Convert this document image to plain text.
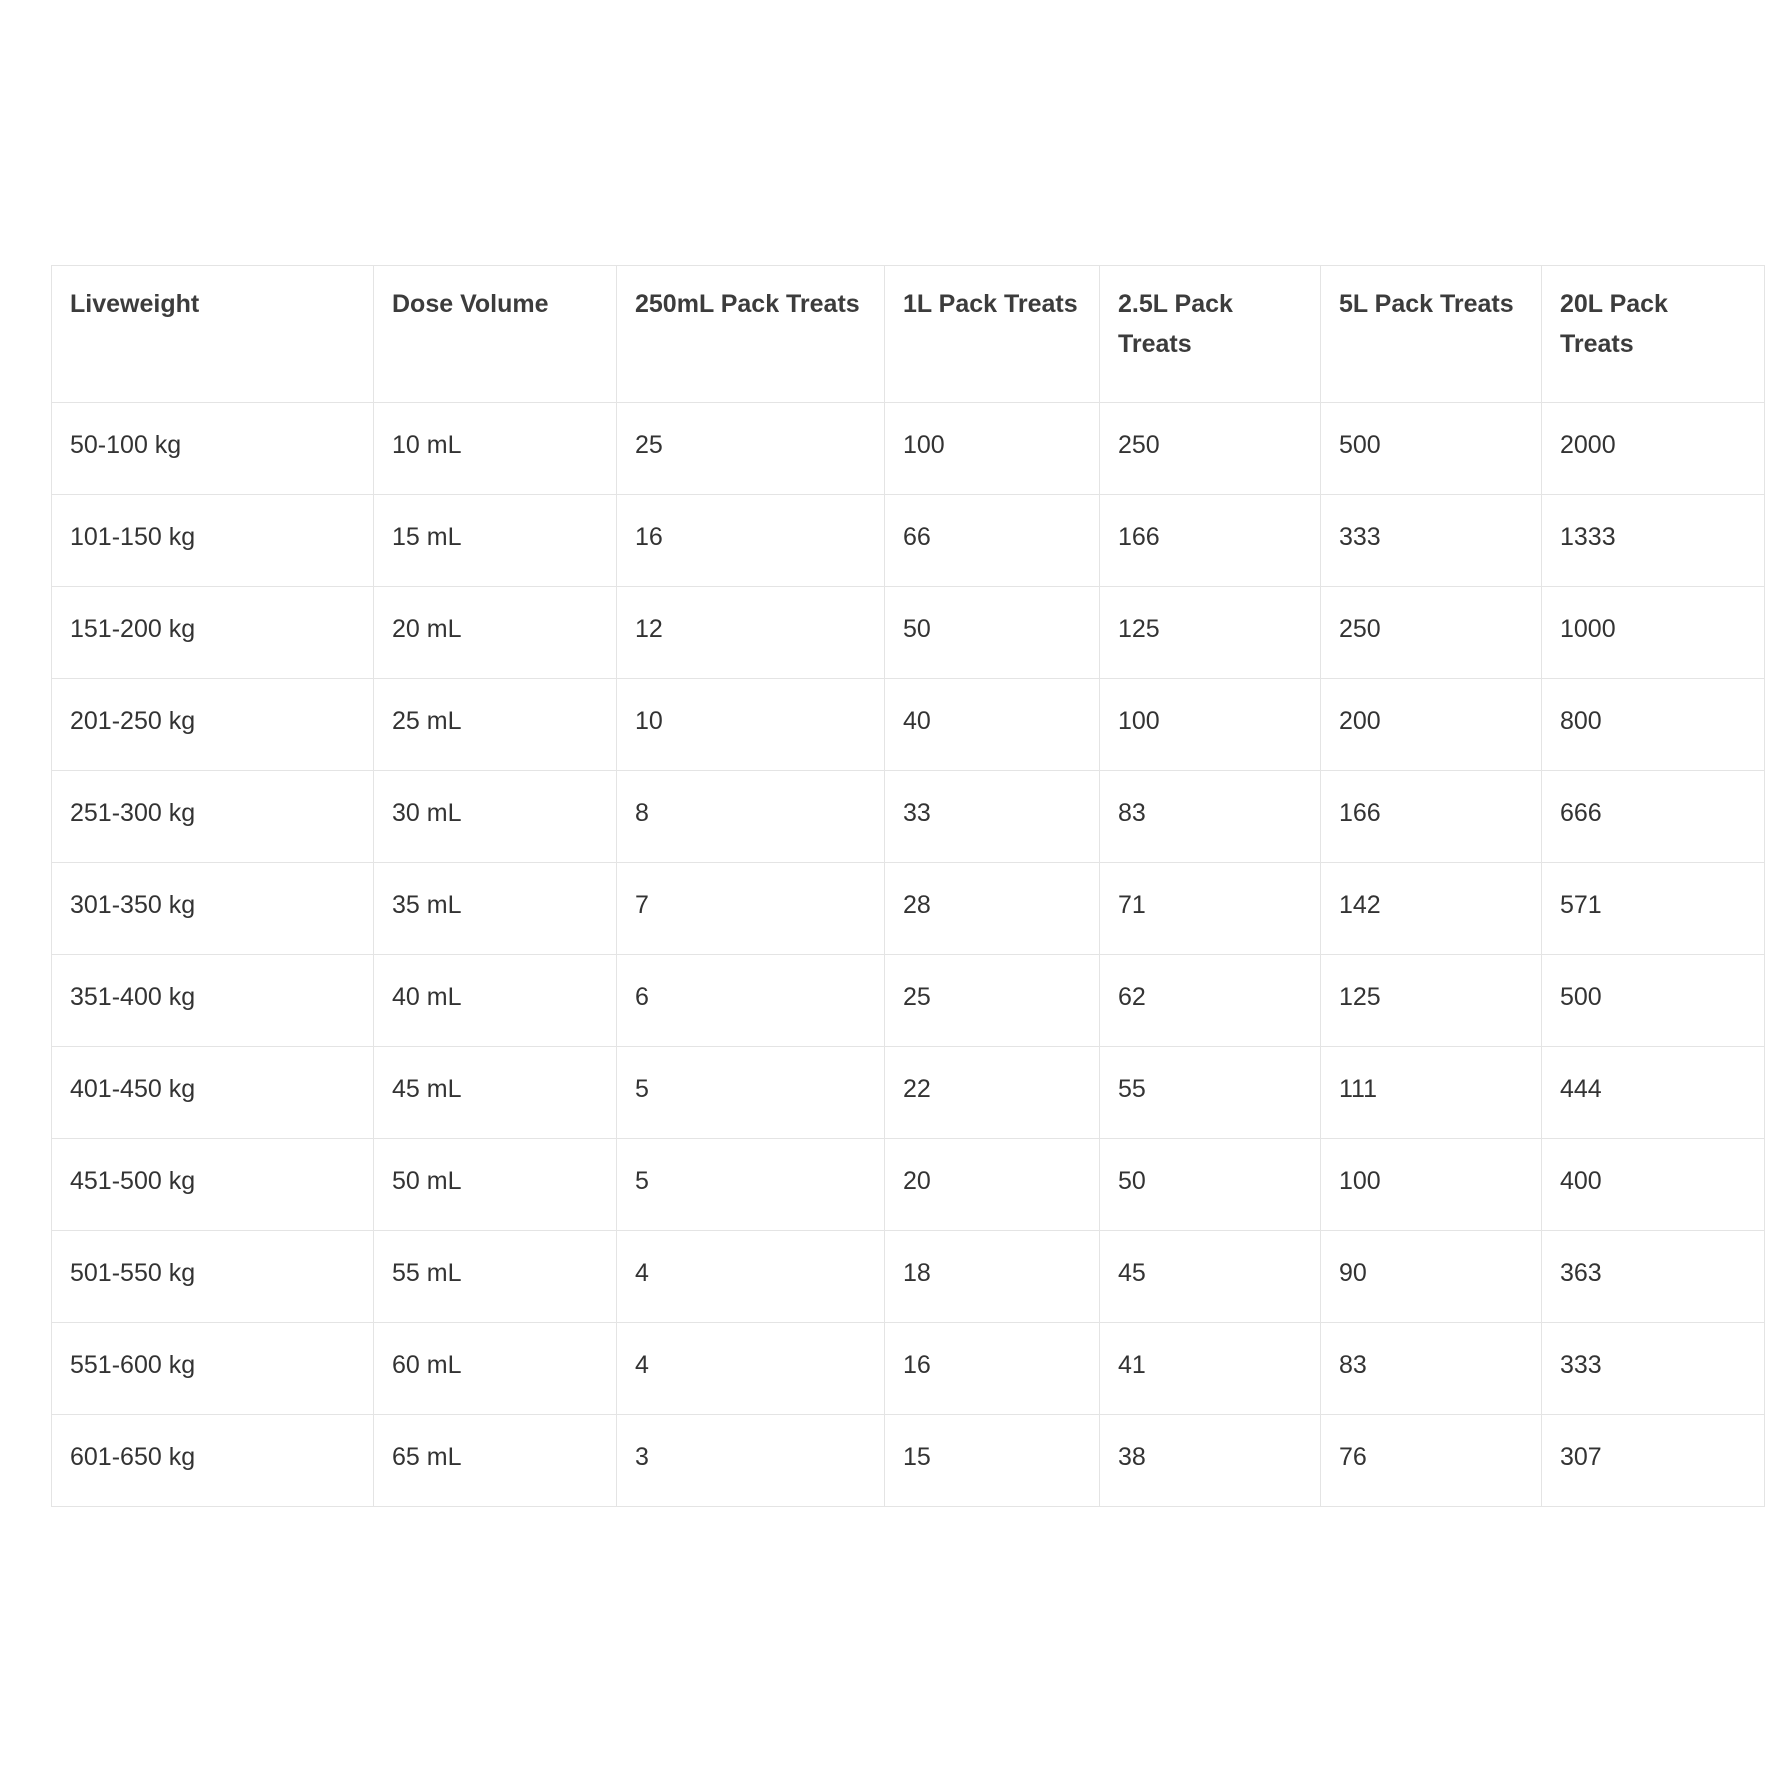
Liveweight	Dose Volume	250mL Pack Treats	1L Pack Treats	2.5L Pack Treats	5L Pack Treats	20L Pack Treats
50-100 kg	10 mL	25	100	250	500	2000
101-150 kg	15 mL	16	66	166	333	1333
151-200 kg	20 mL	12	50	125	250	1000
201-250 kg	25 mL	10	40	100	200	800
251-300 kg	30 mL	8	33	83	166	666
301-350 kg	35 mL	7	28	71	142	571
351-400 kg	40 mL	6	25	62	125	500
401-450 kg	45 mL	5	22	55	111	444
451-500 kg	50 mL	5	20	50	100	400
501-550 kg	55 mL	4	18	45	90	363
551-600 kg	60 mL	4	16	41	83	333
601-650 kg	65 mL	3	15	38	76	307
